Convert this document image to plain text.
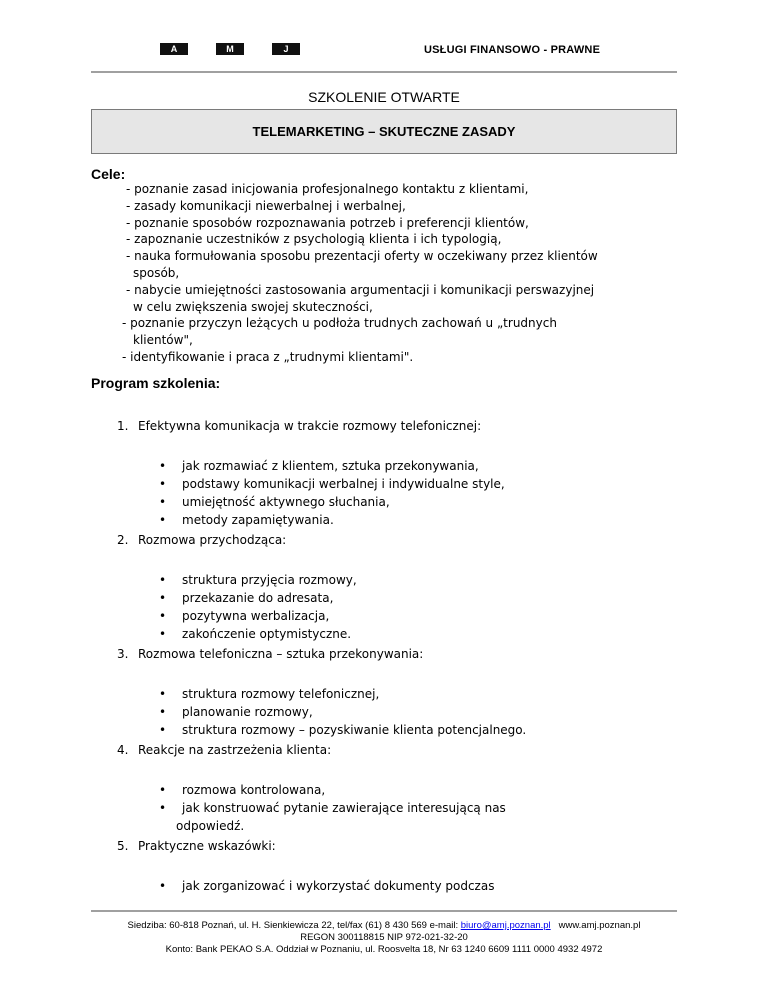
A	M	J	USŁUGI FINANSOWO - PRAWNE
SZKOLENIE OTWARTE
TELEMARKETING – SKUTECZNE ZASADY
Cele:
- poznanie zasad inicjowania profesjonalnego kontaktu z klientami,
- zasady komunikacji niewerbalnej i werbalnej,
- poznanie sposobów rozpoznawania potrzeb i preferencji klientów,
- zapoznanie uczestników z psychologią klienta i ich typologią,
- nauka formułowania sposobu prezentacji oferty w oczekiwany przez klientów
sposób,
- nabycie umiejętności zastosowania argumentacji i komunikacji perswazyjnej
w celu zwiększenia swojej skuteczności,
- poznanie przyczyn leżących u podłoża trudnych zachowań u „trudnych
klientów",
- identyfikowanie i praca z „trudnymi klientami".
Program szkolenia:
1. Efektywna komunikacja w trakcie rozmowy telefonicznej:
• jak rozmawiać z klientem, sztuka przekonywania,
• podstawy komunikacji werbalnej i indywidualne style,
• umiejętność aktywnego słuchania,
• metody zapamiętywania.
2. Rozmowa przychodząca:
• struktura przyjęcia rozmowy,
• przekazanie do adresata,
• pozytywna werbalizacja,
• zakończenie optymistyczne.
3. Rozmowa telefoniczna – sztuka przekonywania:
• struktura rozmowy telefonicznej,
• planowanie rozmowy,
• struktura rozmowy – pozyskiwanie klienta potencjalnego.
4. Reakcje na zastrzeżenia klienta:
• rozmowa kontrolowana,
• jak konstruować pytanie zawierające interesującą nas
odpowiedź.
5. Praktyczne wskazówki:
• jak zorganizować i wykorzystać dokumenty podczas
Siedziba: 60-818 Poznań, ul. H. Sienkiewicza 22, tel/fax (61) 8 430 569 e-mail: biuro@amj.poznan.pl www.amj.poznan.pl
REGON 300118815 NIP 972-021-32-20
Konto: Bank PEKAO S.A. Oddział w Poznaniu, ul. Roosvelta 18, Nr 63 1240 6609 1111 0000 4932 4972
